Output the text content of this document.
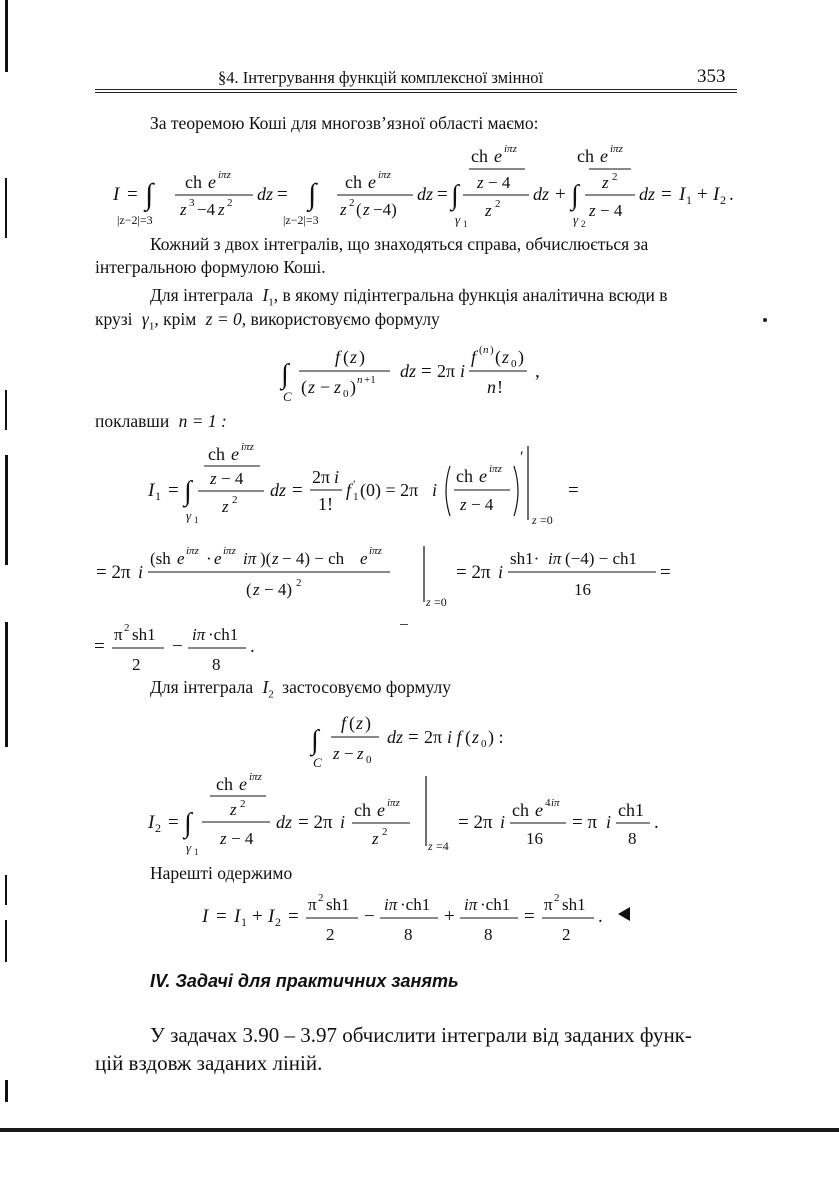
§4. Інтегрування функцій комплексної змінної	353
За теоремою Коші для многозв’язної області маємо:
I = ∫
|z−2|=3
ch e iπz
z 3 −4 z 2 dz = ∫
|z−2|=3
ch e iπz
z 2 ( z −4)
dz = ∫
γ 1
ch e iπz
z − 4
z 2 dz + ∫
γ 2
ch e iπz
z 2
z − 4
dz = I 1 + I 2 .
Кожний з двох інтегралів, що знаходяться справа, обчислюється за
інтегральною формулою Коші.
Для інтеграла $I_1$, в якому підінтегральна функція аналітична всюди в
крузі $\gamma_1$, крім z = 0, використовуємо формулу
∫
C
f ( z )
( z − z 0 ) n +1 dz = 2π i
f ( n ) ( z 0 )
n !
,
поклавши n = 1 :
I 1 = ∫
γ 1
ch e iπz
z − 4
z 2 dz =
2π i
1!
f ′
1 (0) = 2π i
ch e iπz
z − 4
′
z =0
=
= 2π i
(sh e iπz · e iπz iπ )( z − 4) − ch e iπz
( z − 4) 2
z =0
= 2π i
sh1· iπ (−4) − ch1
16
=
=
π 2 sh1
2
−
iπ ·ch1
8
.
Для інтеграла $I_2$ застосовуємо формулу
∫
C
f ( z )
z − z 0
dz = 2π i f ( z 0 ) :
I 2 = ∫
γ 1
ch e iπz
z 2
z − 4
dz = 2π i
ch e iπz
z 2
z =4
= 2π i
ch e 4 iπ
16
= π i
ch1
8
.
Нарешті одержимо
I = I 1 + I 2 =
π 2 sh1
2
−
iπ ·ch1
8
+
iπ ·ch1
8
=
π 2 sh1
2
.
IV. Задачі для практичних занять
У задачах 3.90 – 3.97 обчислити інтеграли від заданих функ-
цій вздовж заданих ліній.
